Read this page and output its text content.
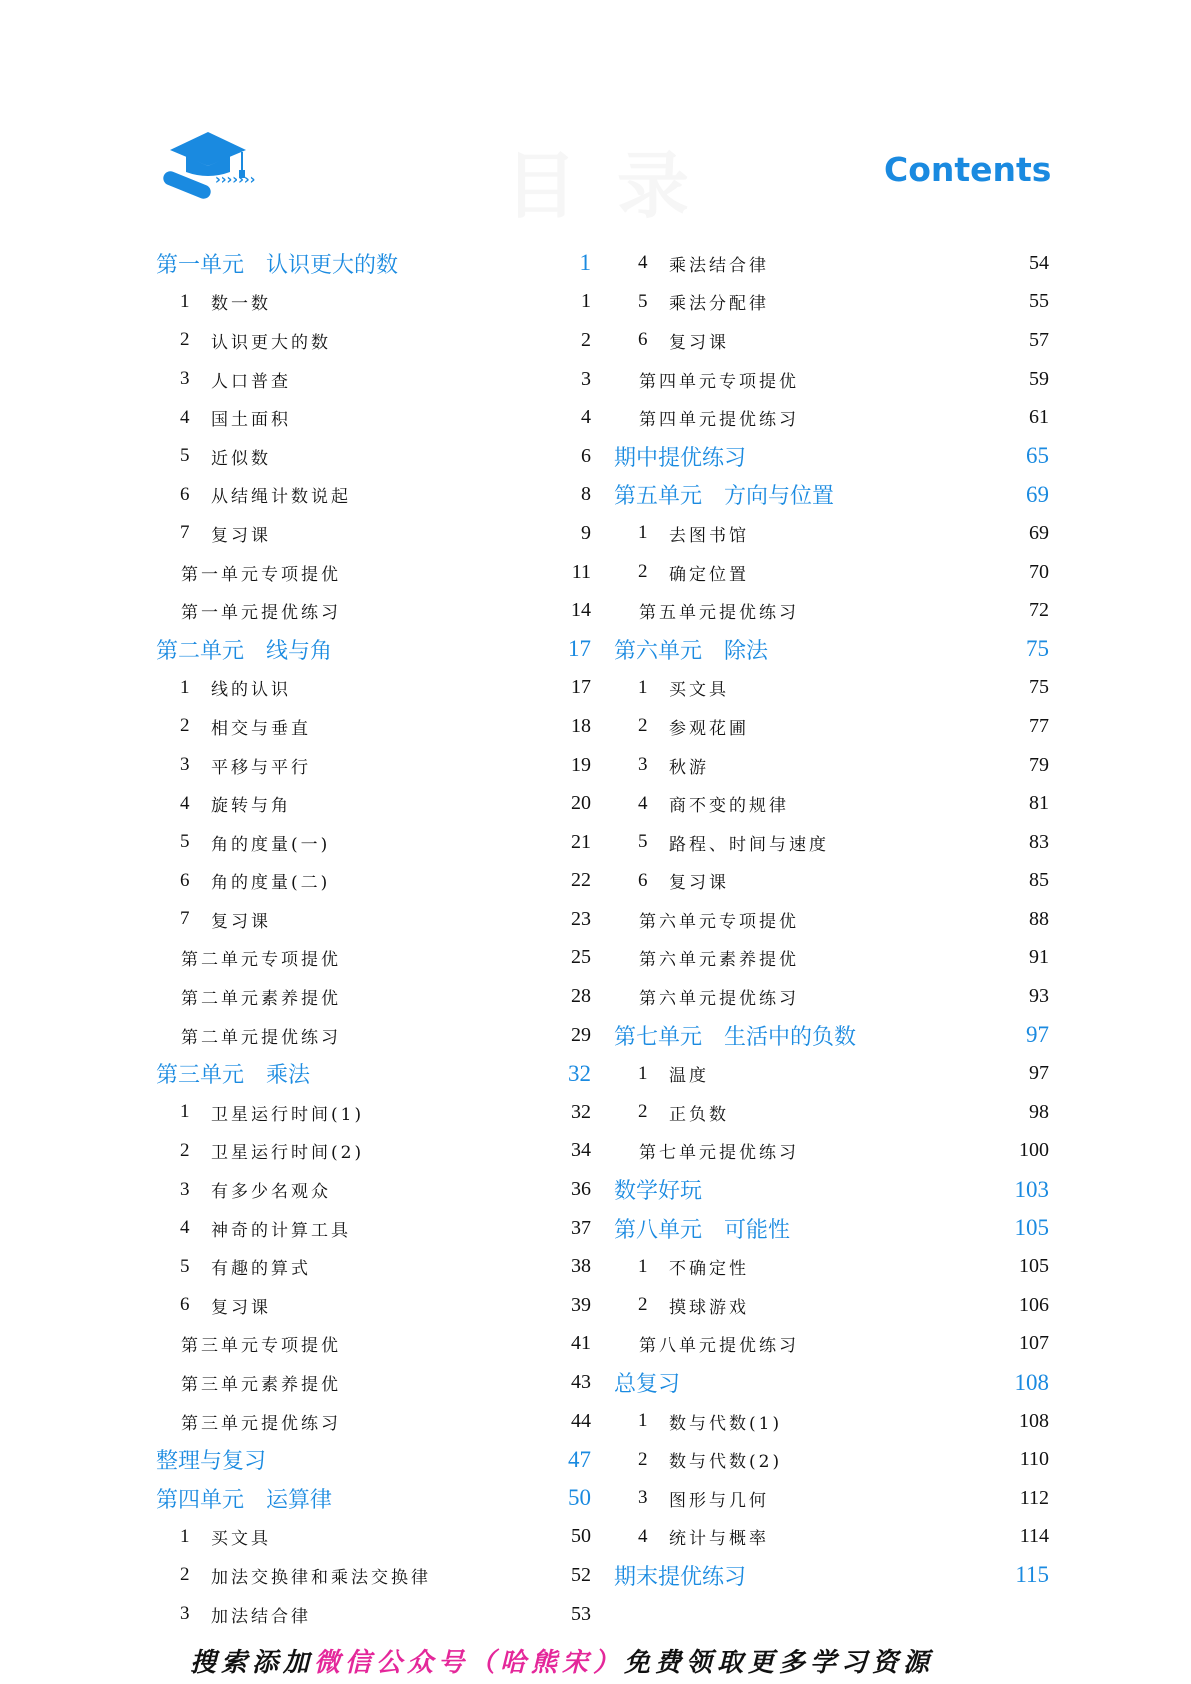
›››››››	目录	Contents
第一单元　认识更大的数	1
1 数一数	1
2 认识更大的数	2
3 人口普查	3
4 国土面积	4
5 近似数	6
6 从结绳计数说起	8
7 复习课	9
第一单元专项提优	11
第一单元提优练习	14
第二单元　线与角	17
1 线的认识	17
2 相交与垂直	18
3 平移与平行	19
4 旋转与角	20
5 角的度量(一)	21
6 角的度量(二)	22
7 复习课	23
第二单元专项提优	25
第二单元素养提优	28
第二单元提优练习	29
第三单元　乘法	32
1 卫星运行时间(1)	32
2 卫星运行时间(2)	34
3 有多少名观众	36
4 神奇的计算工具	37
5 有趣的算式	38
6 复习课	39
第三单元专项提优	41
第三单元素养提优	43
第三单元提优练习	44
整理与复习	47
第四单元　运算律	50
1 买文具	50
2 加法交换律和乘法交换律	52
3 加法结合律	53
4 乘法结合律	54
5 乘法分配律	55
6 复习课	57
第四单元专项提优	59
第四单元提优练习	61
期中提优练习	65
第五单元　方向与位置	69
1 去图书馆	69
2 确定位置	70
第五单元提优练习	72
第六单元　除法	75
1 买文具	75
2 参观花圃	77
3 秋游	79
4 商不变的规律	81
5 路程、时间与速度	83
6 复习课	85
第六单元专项提优	88
第六单元素养提优	91
第六单元提优练习	93
第七单元　生活中的负数	97
1 温度	97
2 正负数	98
第七单元提优练习	100
数学好玩	103
第八单元　可能性	105
1 不确定性	105
2 摸球游戏	106
第八单元提优练习	107
总复习	108
1 数与代数(1)	108
2 数与代数(2)	110
3 图形与几何	112
4 统计与概率	114
期末提优练习	115
搜索添加微信公众号（哈熊宋）免费领取更多学习资源
